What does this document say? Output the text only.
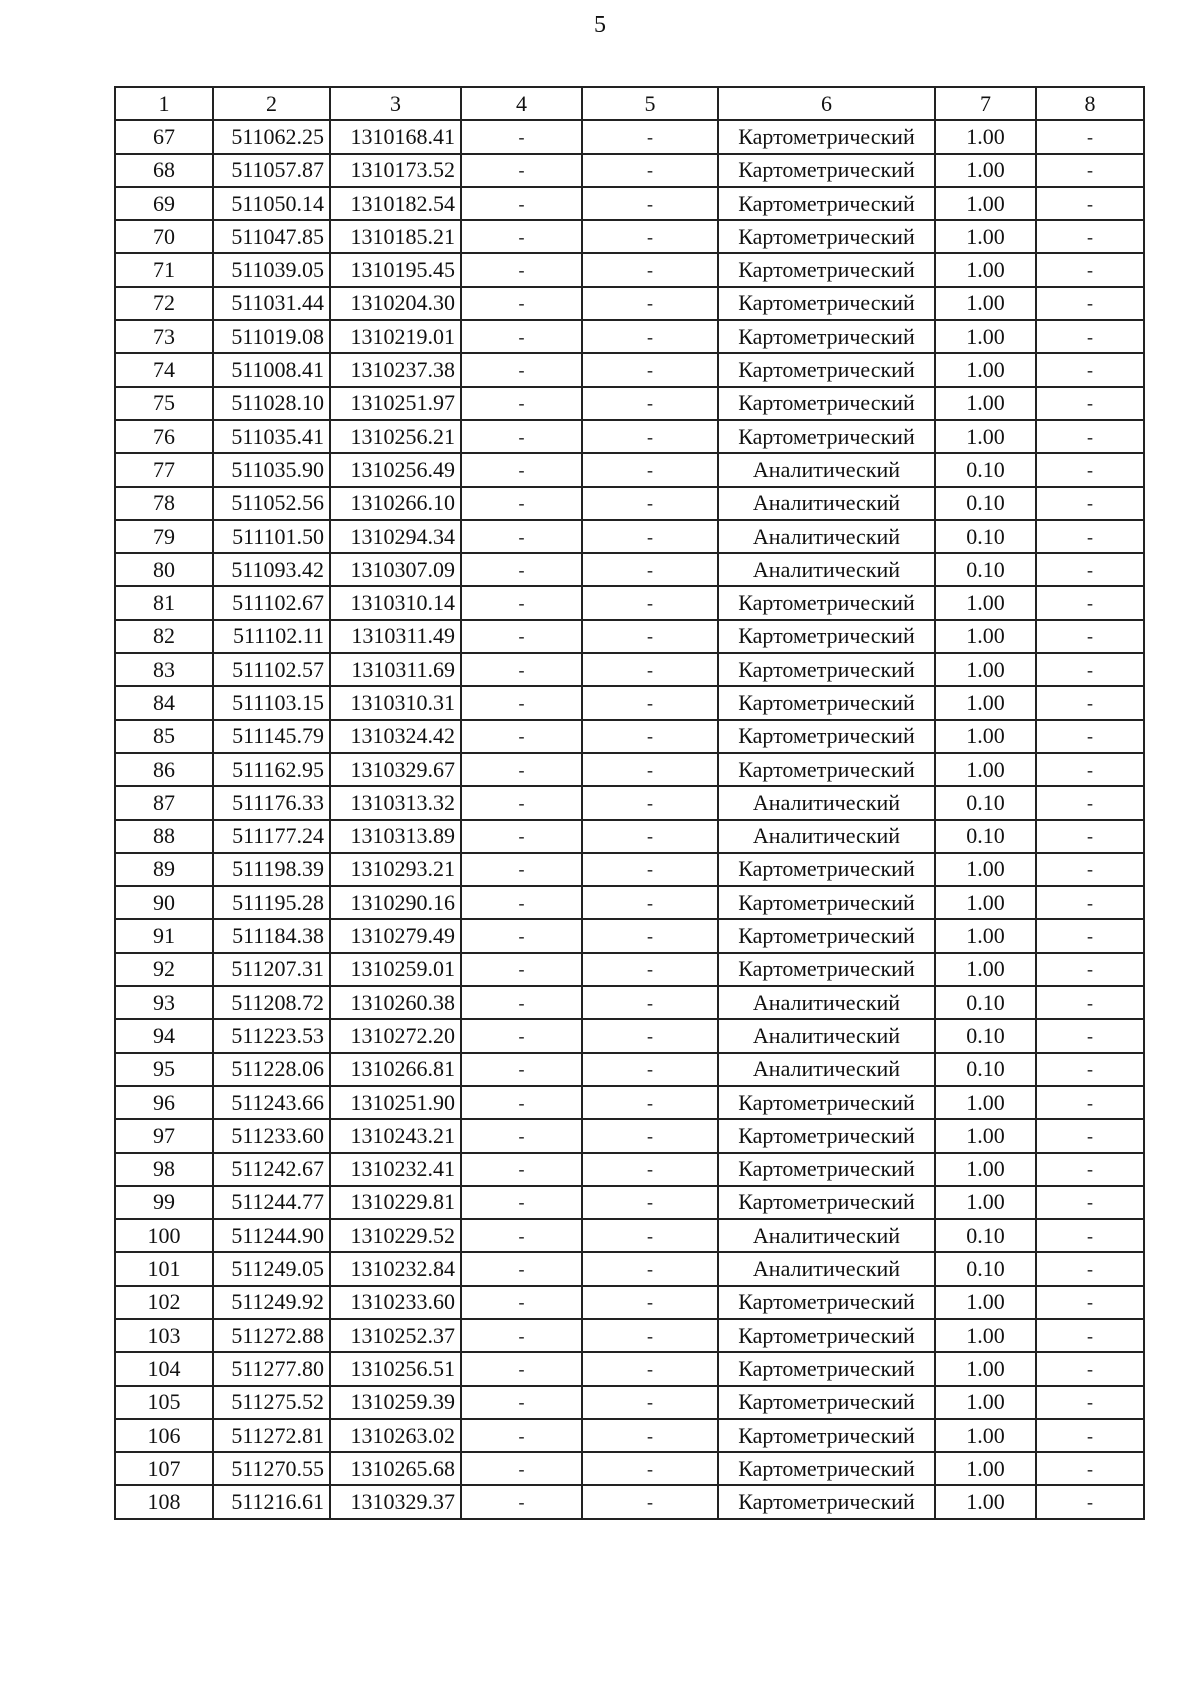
5
1	2	3	4	5	6	7	8
67	511062.25	1310168.41	-	-	Картометрический	1.00	-
68	511057.87	1310173.52	-	-	Картометрический	1.00	-
69	511050.14	1310182.54	-	-	Картометрический	1.00	-
70	511047.85	1310185.21	-	-	Картометрический	1.00	-
71	511039.05	1310195.45	-	-	Картометрический	1.00	-
72	511031.44	1310204.30	-	-	Картометрический	1.00	-
73	511019.08	1310219.01	-	-	Картометрический	1.00	-
74	511008.41	1310237.38	-	-	Картометрический	1.00	-
75	511028.10	1310251.97	-	-	Картометрический	1.00	-
76	511035.41	1310256.21	-	-	Картометрический	1.00	-
77	511035.90	1310256.49	-	-	Аналитический	0.10	-
78	511052.56	1310266.10	-	-	Аналитический	0.10	-
79	511101.50	1310294.34	-	-	Аналитический	0.10	-
80	511093.42	1310307.09	-	-	Аналитический	0.10	-
81	511102.67	1310310.14	-	-	Картометрический	1.00	-
82	511102.11	1310311.49	-	-	Картометрический	1.00	-
83	511102.57	1310311.69	-	-	Картометрический	1.00	-
84	511103.15	1310310.31	-	-	Картометрический	1.00	-
85	511145.79	1310324.42	-	-	Картометрический	1.00	-
86	511162.95	1310329.67	-	-	Картометрический	1.00	-
87	511176.33	1310313.32	-	-	Аналитический	0.10	-
88	511177.24	1310313.89	-	-	Аналитический	0.10	-
89	511198.39	1310293.21	-	-	Картометрический	1.00	-
90	511195.28	1310290.16	-	-	Картометрический	1.00	-
91	511184.38	1310279.49	-	-	Картометрический	1.00	-
92	511207.31	1310259.01	-	-	Картометрический	1.00	-
93	511208.72	1310260.38	-	-	Аналитический	0.10	-
94	511223.53	1310272.20	-	-	Аналитический	0.10	-
95	511228.06	1310266.81	-	-	Аналитический	0.10	-
96	511243.66	1310251.90	-	-	Картометрический	1.00	-
97	511233.60	1310243.21	-	-	Картометрический	1.00	-
98	511242.67	1310232.41	-	-	Картометрический	1.00	-
99	511244.77	1310229.81	-	-	Картометрический	1.00	-
100	511244.90	1310229.52	-	-	Аналитический	0.10	-
101	511249.05	1310232.84	-	-	Аналитический	0.10	-
102	511249.92	1310233.60	-	-	Картометрический	1.00	-
103	511272.88	1310252.37	-	-	Картометрический	1.00	-
104	511277.80	1310256.51	-	-	Картометрический	1.00	-
105	511275.52	1310259.39	-	-	Картометрический	1.00	-
106	511272.81	1310263.02	-	-	Картометрический	1.00	-
107	511270.55	1310265.68	-	-	Картометрический	1.00	-
108	511216.61	1310329.37	-	-	Картометрический	1.00	-
